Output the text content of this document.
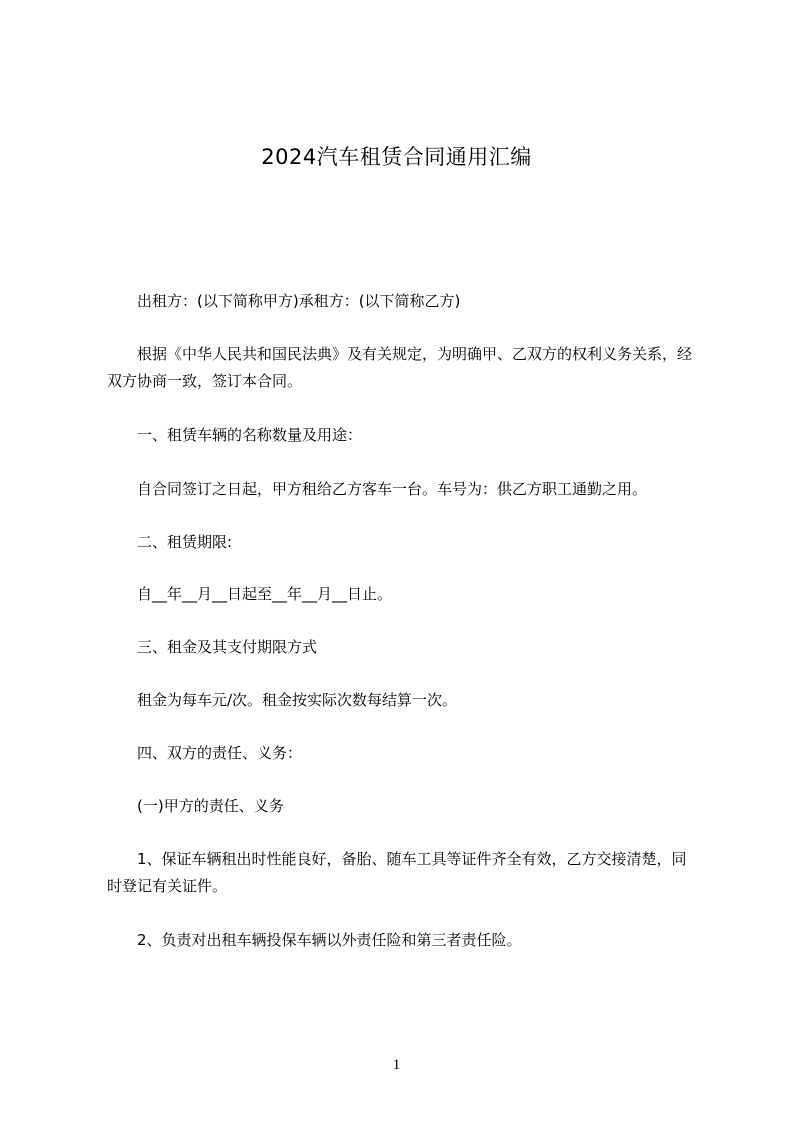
2024汽车租赁合同通用汇编

出租方：(以下简称甲方)承租方：(以下简称乙方)

根据《中华人民共和国民法典》及有关规定，为明确甲、乙双方的权利义务关系，经双方协商一致，签订本合同。

一、租赁车辆的名称数量及用途：

自合同签订之日起，甲方租给乙方客车一台。车号为：供乙方职工通勤之用。

二、租赁期限:

自__年__月__日起至__年__月__日止。

三、租金及其支付期限方式

租金为每车元/次。租金按实际次数每结算一次。

四、双方的责任、义务：

(一)甲方的责任、义务

1、保证车辆租出时性能良好，备胎、随车工具等证件齐全有效，乙方交接清楚，同时登记有关证件。

2、负责对出租车辆投保车辆以外责任险和第三者责任险。

1
